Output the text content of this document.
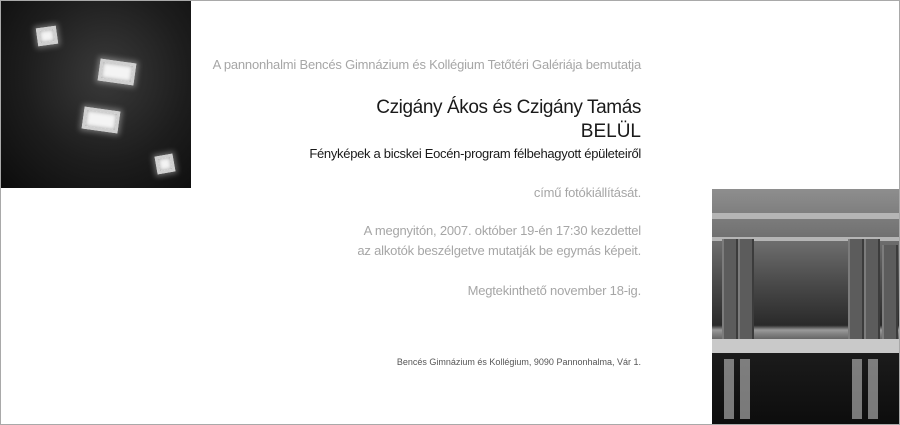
A pannonhalmi Bencés Gimnázium és Kollégium Tetőtéri Galériája bemutatja
Czigány Ákos és Czigány Tamás
BELÜL
Fényképek a bicskei Eocén-program félbehagyott épületeiről
című fotókiállítását.
A megnyitón, 2007. október 19-én 17:30 kezdettel
az alkotók beszélgetve mutatják be egymás képeit.
Megtekinthető november 18-ig.
Bencés Gimnázium és Kollégium, 9090 Pannonhalma, Vár 1.
